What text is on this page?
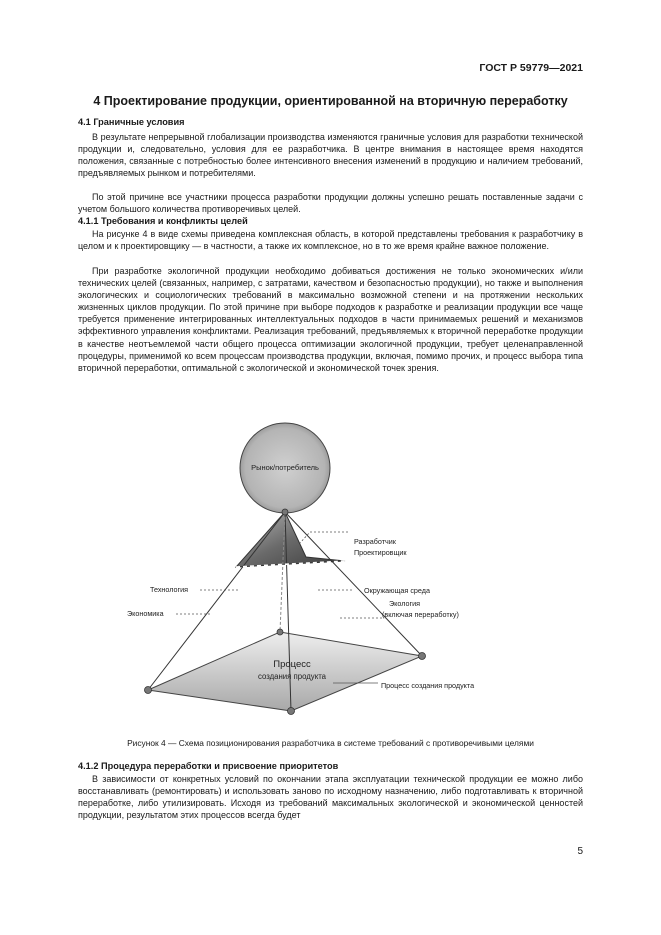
ГОСТ Р 59779—2021
4 Проектирование продукции, ориентированной на вторичную переработку
4.1 Граничные условия

В результате непрерывной глобализации производства изменяются граничные условия для разработки технической продукции и, следовательно, условия для ее разработчика. В центре внимания в настоящее время находятся положения, связанные с потребностью более интенсивного внесения изменений в продукцию и наличием требований, предъявляемых рынком и потребителями.

По этой причине все участники процесса разработки продукции должны успешно решать поставленные задачи с учетом большого количества противоречивых целей.

4.1.1 Требования и конфликты целей

На рисунке 4 в виде схемы приведена комплексная область, в которой представлены требования к разработчику в целом и к проектировщику — в частности, а также их комплексное, но в то же время крайне важное положение.

При разработке экологичной продукции необходимо добиваться достижения не только экономических и/или технических целей (связанных, например, с затратами, качеством и безопасностью продукции), но также и выполнения экологических и социологических требований в максимально возможной степени и на протяжении нескольких жизненных циклов продукции. По этой причине при выборе подходов к разработке и реализации продукции все чаще требуется применение интегрированных интеллектуальных подходов в части принимаемых решений и механизмов эффективного управления конфликтами. Реализация требований, предъявляемых к вторичной переработке продукции в качестве неотъемлемой части общего процесса оптимизации экологичной продукции, требует целенаправленной процедуры, применимой ко всем процессам производства продукции, включая, помимо прочих, и процесс выбора типа вторичной переработки, оптимальной с экологической и экономической точек зрения.

Рынок/потребитель
Разработчик
Проектировщик
Технология
Экономика
Окружающая среда
Экология
(включая переработку)
Процесс создания продукта
Процесс
создания продукта
Рисунок 4 — Схема позиционирования разработчика в системе требований с противоречивыми целями
4.1.2 Процедура переработки и присвоение приоритетов

В зависимости от конкретных условий по окончании этапа эксплуатации технической продукции ее можно либо восстанавливать (ремонтировать) и использовать заново по исходному назначению, либо подготавливать к вторичной переработке, либо утилизировать. Исходя из требований максимальных экологической и экономической ценностей продукции, результатом этих процессов всегда будет

5
